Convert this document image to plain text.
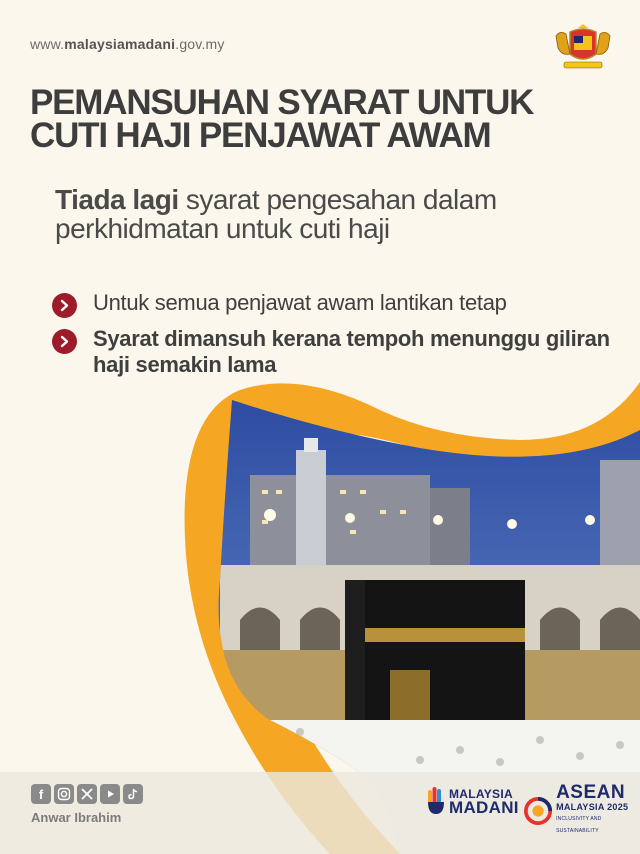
www.malaysiamadani.gov.my
PEMANSUHAN SYARAT UNTUK
CUTI HAJI PENJAWAT AWAM
Tiada lagi syarat pengesahan dalam
perkhidmatan untuk cuti haji
Untuk semua penjawat awam lantikan tetap
Syarat dimansuh kerana tempoh menunggu giliran haji semakin lama
f
Anwar Ibrahim
MALAYSIA
MADANI
ASEAN
MALAYSIA 2025
INCLUSIVITY AND SUSTAINABILITY
